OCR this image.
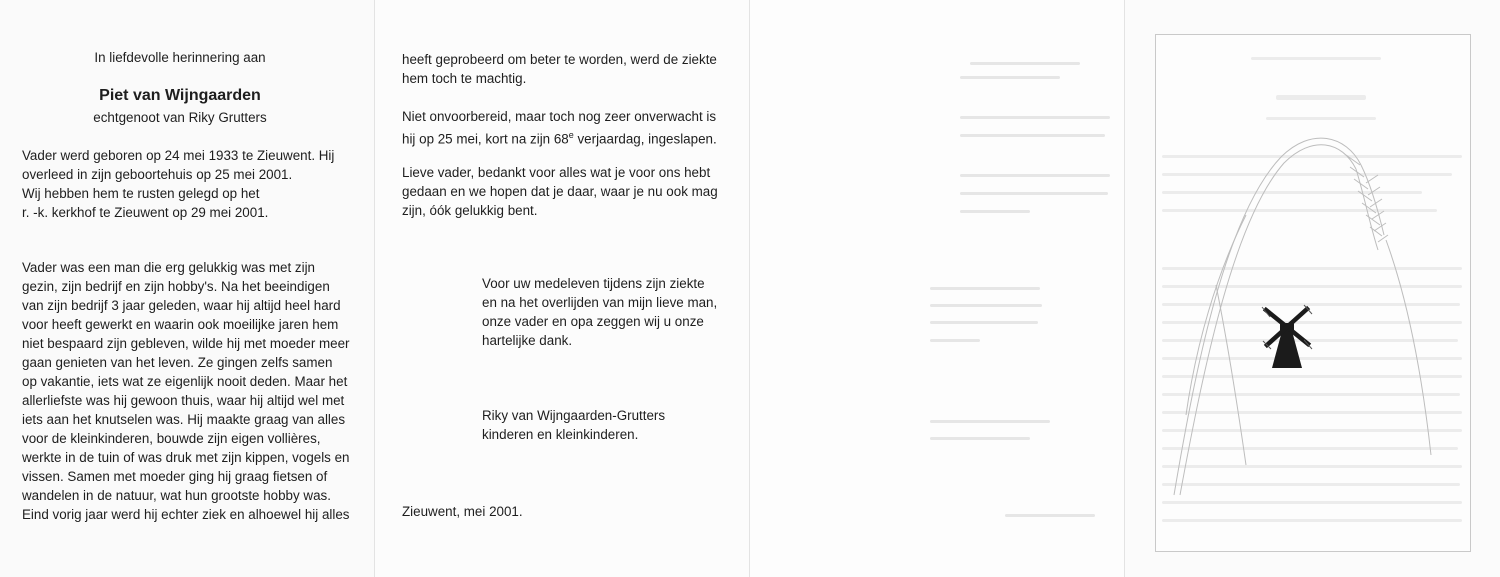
In liefdevolle herinnering aan
Piet van Wijngaarden
echtgenoot van Riky Grutters
Vader werd geboren op 24 mei 1933 te Zieuwent. Hij
overleed in zijn geboortehuis op 25 mei 2001.
Wij hebben hem te rusten gelegd op het
r. -k. kerkhof te Zieuwent op 29 mei 2001.
Vader was een man die erg gelukkig was met zijn
gezin, zijn bedrijf en zijn hobby's. Na het beeindigen
van zijn bedrijf 3 jaar geleden, waar hij altijd heel hard
voor heeft gewerkt en waarin ook moeilijke jaren hem
niet bespaard zijn gebleven, wilde hij met moeder meer
gaan genieten van het leven. Ze gingen zelfs samen
op vakantie, iets wat ze eigenlijk nooit deden. Maar het
allerliefste was hij gewoon thuis, waar hij altijd wel met
iets aan het knutselen was. Hij maakte graag van alles
voor de kleinkinderen, bouwde zijn eigen vollières,
werkte in de tuin of was druk met zijn kippen, vogels en
vissen. Samen met moeder ging hij graag fietsen of
wandelen in de natuur, wat hun grootste hobby was.
Eind vorig jaar werd hij echter ziek en alhoewel hij alles
heeft geprobeerd om beter te worden, werd de ziekte
hem toch te machtig.
Niet onvoorbereid, maar toch nog zeer onverwacht is
hij op 25 mei, kort na zijn 68e verjaardag, ingeslapen.
Lieve vader, bedankt voor alles wat je voor ons hebt
gedaan en we hopen dat je daar, waar je nu ook mag
zijn, óók gelukkig bent.
Voor uw medeleven tijdens zijn ziekte
en na het overlijden van mijn lieve man,
onze vader en opa zeggen wij u onze
hartelijke dank.
Riky van Wijngaarden-Grutters
kinderen en kleinkinderen.
Zieuwent, mei 2001.
